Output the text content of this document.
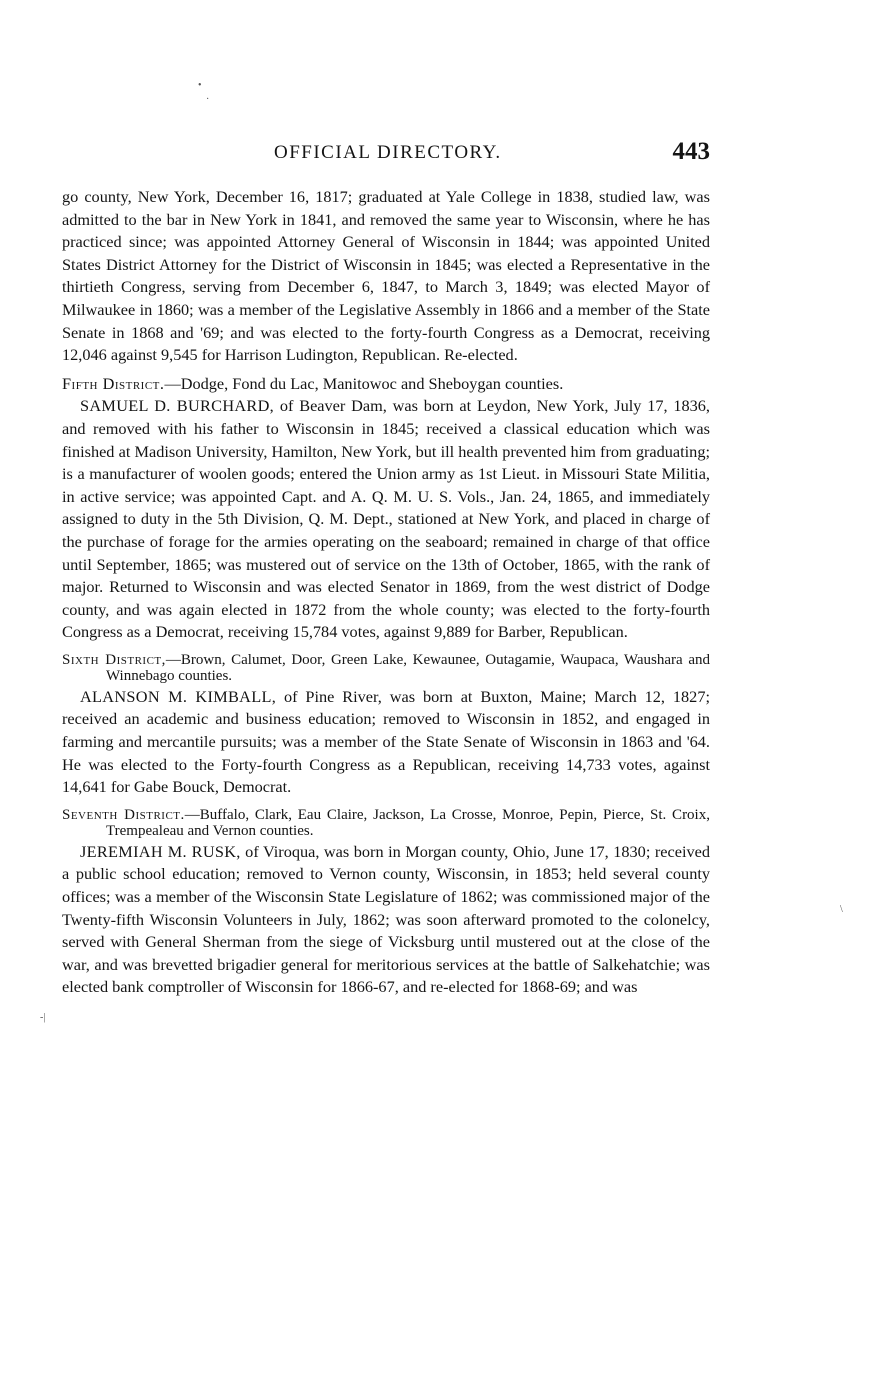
•
·
\
-|
OFFICIAL DIRECTORY.	443

go county, New York, December 16, 1817; graduated at Yale College in 1838, studied law, was admitted to the bar in New York in 1841, and removed the same year to Wisconsin, where he has practiced since; was appointed Attorney General of Wisconsin in 1844; was appointed United States District Attorney for the District of Wisconsin in 1845; was elected a Representative in the thirtieth Congress, serving from December 6, 1847, to March 3, 1849; was elected Mayor of Milwaukee in 1860; was a member of the Legislative Assembly in 1866 and a member of the State Senate in 1868 and '69; and was elected to the forty-fourth Congress as a Democrat, receiving 12,046 against 9,545 for Harrison Ludington, Republican. Re-elected.

Fifth District.—Dodge, Fond du Lac, Manitowoc and Sheboygan counties.

SAMUEL D. BURCHARD, of Beaver Dam, was born at Leydon, New York, July 17, 1836, and removed with his father to Wisconsin in 1845; received a classical education which was finished at Madison University, Hamilton, New York, but ill health prevented him from graduating; is a manufacturer of woolen goods; entered the Union army as 1st Lieut. in Missouri State Militia, in active service; was appointed Capt. and A. Q. M. U. S. Vols., Jan. 24, 1865, and immediately assigned to duty in the 5th Division, Q. M. Dept., stationed at New York, and placed in charge of the purchase of forage for the armies operating on the seaboard; remained in charge of that office until September, 1865; was mustered out of service on the 13th of October, 1865, with the rank of major. Returned to Wisconsin and was elected Senator in 1869, from the west district of Dodge county, and was again elected in 1872 from the whole county; was elected to the forty-fourth Congress as a Democrat, receiving 15,784 votes, against 9,889 for Barber, Republican.

Sixth District,—Brown, Calumet, Door, Green Lake, Kewaunee, Outagamie, Waupaca, Waushara and Winnebago counties.

ALANSON M. KIMBALL, of Pine River, was born at Buxton, Maine; March 12, 1827; received an academic and business education; removed to Wisconsin in 1852, and engaged in farming and mercantile pursuits; was a member of the State Senate of Wisconsin in 1863 and '64. He was elected to the Forty-fourth Congress as a Republican, receiving 14,733 votes, against 14,641 for Gabe Bouck, Democrat.

Seventh District.—Buffalo, Clark, Eau Claire, Jackson, La Crosse, Monroe, Pepin, Pierce, St. Croix, Trempealeau and Vernon counties.

JEREMIAH M. RUSK, of Viroqua, was born in Morgan county, Ohio, June 17, 1830; received a public school education; removed to Vernon county, Wisconsin, in 1853; held several county offices; was a member of the Wisconsin State Legislature of 1862; was commissioned major of the Twenty-fifth Wisconsin Volunteers in July, 1862; was soon afterward promoted to the colonelcy, served with General Sherman from the siege of Vicksburg until mustered out at the close of the war, and was brevetted brigadier general for meritorious services at the battle of Salkehatchie; was elected bank comptroller of Wisconsin for 1866-67, and re-elected for 1868-69; and was
